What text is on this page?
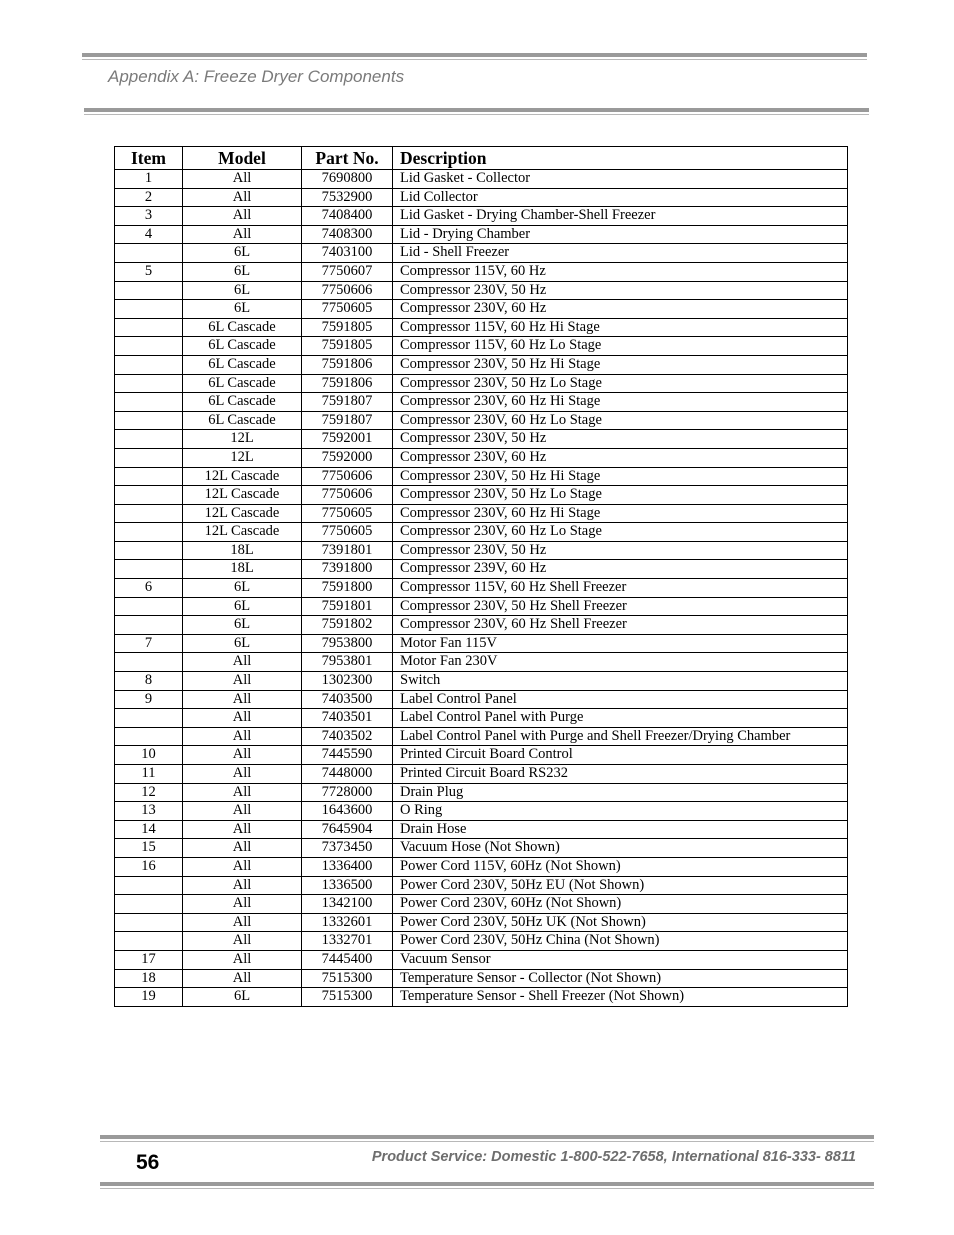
Appendix A: Freeze Dryer Components
Item	Model	Part No.	Description
1	All	7690800	Lid Gasket - Collector
2	All	7532900	Lid Collector
3	All	7408400	Lid Gasket - Drying Chamber-Shell Freezer
4	All	7408300	Lid - Drying Chamber
	6L	7403100	Lid - Shell Freezer
5	6L	7750607	Compressor 115V, 60 Hz
	6L	7750606	Compressor 230V, 50 Hz
	6L	7750605	Compressor 230V, 60 Hz
	6L Cascade	7591805	Compressor 115V, 60 Hz Hi Stage
	6L Cascade	7591805	Compressor 115V, 60 Hz Lo Stage
	6L Cascade	7591806	Compressor 230V, 50 Hz Hi Stage
	6L Cascade	7591806	Compressor 230V, 50 Hz Lo Stage
	6L Cascade	7591807	Compressor 230V, 60 Hz Hi Stage
	6L Cascade	7591807	Compressor 230V, 60 Hz Lo Stage
	12L	7592001	Compressor 230V, 50 Hz
	12L	7592000	Compressor 230V, 60 Hz
	12L Cascade	7750606	Compressor 230V, 50 Hz Hi Stage
	12L Cascade	7750606	Compressor 230V, 50 Hz Lo Stage
	12L Cascade	7750605	Compressor 230V, 60 Hz Hi Stage
	12L Cascade	7750605	Compressor 230V, 60 Hz Lo Stage
	18L	7391801	Compressor 230V, 50 Hz
	18L	7391800	Compressor 239V, 60 Hz
6	6L	7591800	Compressor 115V, 60 Hz Shell Freezer
	6L	7591801	Compressor 230V, 50 Hz Shell Freezer
	6L	7591802	Compressor 230V, 60 Hz Shell Freezer
7	6L	7953800	Motor Fan 115V
	All	7953801	Motor Fan 230V
8	All	1302300	Switch
9	All	7403500	Label Control Panel
	All	7403501	Label Control Panel with Purge
	All	7403502	Label Control Panel with Purge and Shell Freezer/Drying Chamber
10	All	7445590	Printed Circuit Board Control
11	All	7448000	Printed Circuit Board RS232
12	All	7728000	Drain Plug
13	All	1643600	O Ring
14	All	7645904	Drain Hose
15	All	7373450	Vacuum Hose (Not Shown)
16	All	1336400	Power Cord 115V, 60Hz (Not Shown)
	All	1336500	Power Cord 230V, 50Hz EU (Not Shown)
	All	1342100	Power Cord 230V, 60Hz (Not Shown)
	All	1332601	Power Cord 230V, 50Hz UK (Not Shown)
	All	1332701	Power Cord 230V, 50Hz China (Not Shown)
17	All	7445400	Vacuum Sensor
18	All	7515300	Temperature Sensor - Collector (Not Shown)
19	6L	7515300	Temperature Sensor - Shell Freezer (Not Shown)
56	Product Service: Domestic 1-800-522-7658, International 816-333- 8811
